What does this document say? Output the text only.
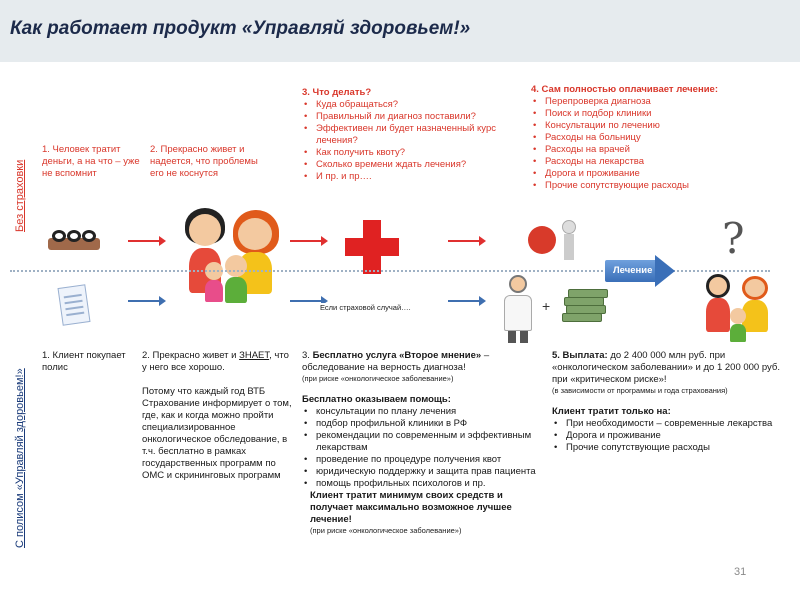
Как работает продукт «Управляй здоровьем!»
Без страховки
С полисом «Управляй здоровьем!»
1. Человек тратит деньги, а на что – уже не вспомнит
2. Прекрасно живет и надеется, что проблемы его не коснутся
3. Что делать?
• Куда обращаться?
• Правильный ли диагноз поставили?
• Эффективен ли будет назначенный курс лечения?
• Как получить квоту?
• Сколько времени ждать лечения?
• И пр. и пр….
4. Сам полностью оплачивает лечение:
• Перепроверка диагноза
• Поиск и подбор клиники
• Консультации по лечению
• Расходы на больницу
• Расходы на врачей
• Расходы на лекарства
• Дорога и проживание
• Прочие сопутствующие расходы
?
Лечение
Если страховой случай….	+
1. Клиент покупает полис
2. Прекрасно живет и ЗНАЕТ, что у него все хорошо.
Потому что каждый год ВТБ Страхование информирует о том, где, как и когда можно пройти специализированное онкологическое обследование, в т.ч. бесплатно в рамках государственных программ по ОМС и скрининговых программ
3. Бесплатно услуга «Второе мнение» – обследование на верность диагноза!
(при риске «онкологическое заболевание»)
Бесплатно оказываем помощь:
• консультации по плану лечения
• подбор профильной клиники в РФ
• рекомендации по современным и эффективным лекарствам
• проведение по процедуре получения квот
• юридическую поддержку и защита прав пациента
• помощь профильных психологов и пр.
Клиент тратит минимум своих средств и получает максимально возможное лучшее лечение!
(при риске «онкологическое заболевание»)
5. Выплата: до 2 400 000 млн руб. при «онкологическом заболевании» и до 1 200 000 руб. при «критическом риске»!
(в зависимости от программы и года страхования)
Клиент тратит только на:
• При необходимости – современные лекарства
• Дорога и проживание
• Прочие сопутствующие расходы
31
